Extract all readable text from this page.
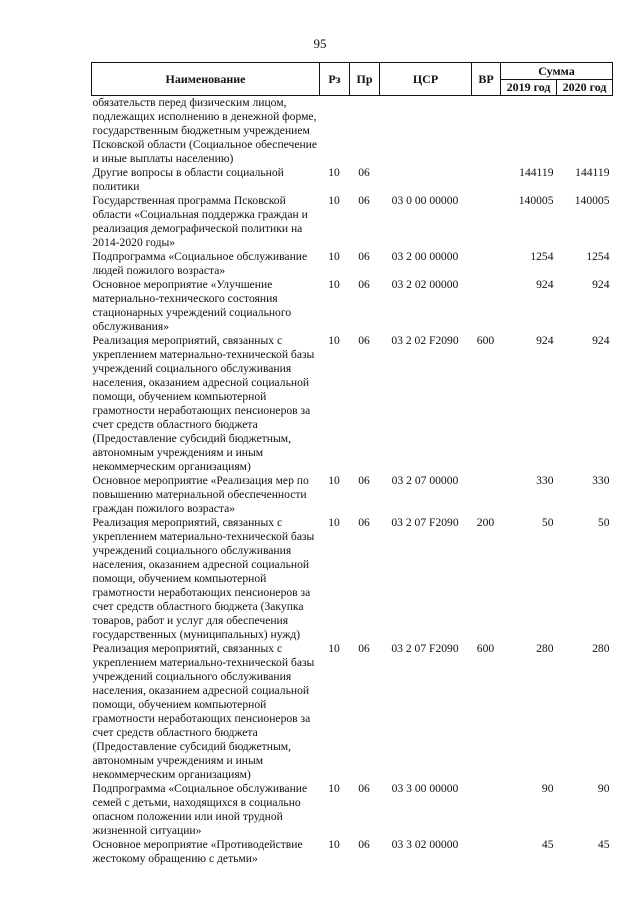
95
Наименование	Рз	Пр	ЦСР	ВР	Сумма	
					2019 год	2020 год
обязательств перед физическим лицом, подлежащих исполнению в денежной форме, государственным бюджетным учреждением Псковской области (Социальное обеспечение и иные выплаты населению)						
Другие вопросы в области социальной политики	10	06			144119	144119
Государственная программа Псковской области «Социальная поддержка граждан и реализация демографической политики на 2014-2020 годы»	10	06	03 0 00 00000		140005	140005
Подпрограмма «Социальное обслуживание людей пожилого возраста»	10	06	03 2 00 00000		1254	1254
Основное мероприятие «Улучшение материально-технического состояния стационарных учреждений социального обслуживания»	10	06	03 2 02 00000		924	924
Реализация мероприятий, связанных с укреплением материально-технической базы учреждений социального обслуживания населения, оказанием адресной социальной помощи, обучением компьютерной грамотности неработающих пенсионеров за счет средств областного бюджета (Предоставление субсидий бюджетным, автономным учреждениям и иным некоммерческим организациям)	10	06	03 2 02 F2090	600	924	924
Основное мероприятие «Реализация мер по повышению материальной обеспеченности граждан пожилого возраста»	10	06	03 2 07 00000		330	330
Реализация мероприятий, связанных с укреплением материально-технической базы учреждений социального обслуживания населения, оказанием адресной социальной помощи, обучением компьютерной грамотности неработающих пенсионеров за счет средств областного бюджета (Закупка товаров, работ и услуг для обеспечения государственных (муниципальных) нужд)	10	06	03 2 07 F2090	200	50	50
Реализация мероприятий, связанных с укреплением материально-технической базы учреждений социального обслуживания населения, оказанием адресной социальной помощи, обучением компьютерной грамотности неработающих пенсионеров за счет средств областного бюджета (Предоставление субсидий бюджетным, автономным учреждениям и иным некоммерческим организациям)	10	06	03 2 07 F2090	600	280	280
Подпрограмма «Социальное обслуживание семей с детьми, находящихся в социально опасном положении или иной трудной жизненной ситуации»	10	06	03 3 00 00000		90	90
Основное мероприятие «Противодействие жестокому обращению с детьми»	10	06	03 3 02 00000		45	45
